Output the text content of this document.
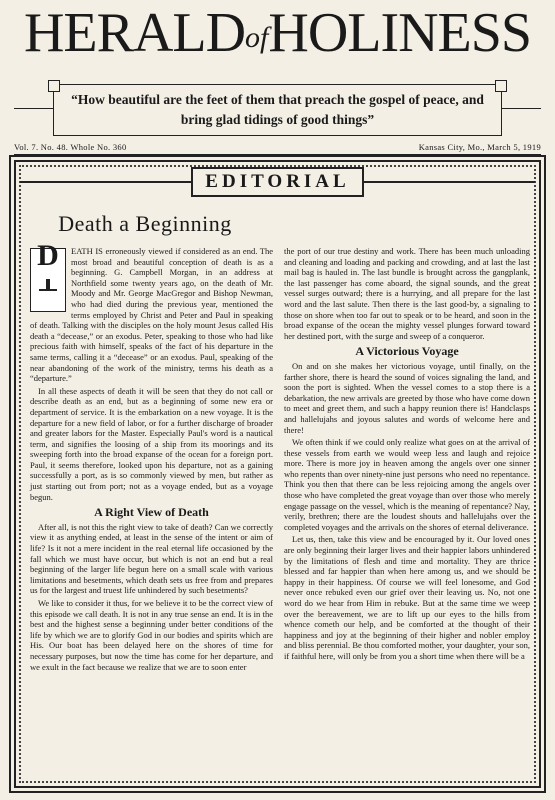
HERALDofHOLINESS
“How beautiful are the feet of them that preach the gospel of peace, and
bring glad tidings of good things”
Vol. 7. No. 48. Whole No. 360	Kansas City, Mo., March 5, 1919
EDITORIAL
Death a Beginning
D	EATH IS erroneously viewed if considered as an end. The most broad and beautiful conception of death is as a beginning. G. Campbell Morgan, in an address at Northfield some twenty years ago, on the death of Mr. Moody and Mr. George MacGregor and Bishop Newman, who had died during the previous year, mentioned the terms employed by Christ and Peter and Paul in speaking of death. Talking with the disciples on the holy mount Jesus called His death a “decease,” or an exodus. Peter, speaking to those who had like precious faith with himself, speaks of the fact of his departure in the same terms, calling it a “decease” or an exodus. Paul, speaking of the near abandoning of the work of the ministry, terms his death as a “departure.”

In all these aspects of death it will be seen that they do not call or describe death as an end, but as a beginning of some new era or department of service. It is the embarkation on a new voyage. It is the departure for a new field of labor, or for a further discharge of broader and greater labors for the Master. Especially Paul's word is a nautical term, and signifies the loosing of a ship from its moorings and its sweeping forth into the broad expanse of the ocean for a foreign port. Paul, it seems therefore, looked upon his departure, not as a gaining successfully a port, as is so commonly viewed by men, but rather as just starting out from port; not as a voyage ended, but as a voyage begun.

A Right View of Death

After all, is not this the right view to take of death? Can we correctly view it as anything ended, at least in the sense of the intent or aim of life? Is it not a mere incident in the real eternal life occasioned by the fall which we must have occur, but which is not an end but a real beginning of the larger life begun here on a small scale with various limitations and besetments, which death sets us free from and prepares us for the largest and truest life unhindered by such besetments?

We like to consider it thus, for we believe it to be the correct view of this episode we call death. It is not in any true sense an end. It is in the best and the highest sense a beginning under better conditions of the life by which we are to glorify God in our bodies and spirits which are His. Our boat has been delayed here on the shores of time for necessary purposes, but now the time has come for her departure, and we exult in the fact because we realize that we are to soon enter

the port of our true destiny and work. There has been much unloading and cleaning and loading and packing and crowding, and at last the last mail bag is hauled in. The last bundle is brought across the gangplank, the last passenger has come aboard, the signal sounds, and the great vessel surges outward; there is a hurrying, and all prepare for the last word and the last salute. Then there is the last good-by, a signaling to those on shore when too far out to speak or to be heard, and soon in the broad expanse of the ocean the mighty vessel plunges forward toward her destined port, with the surge and sweep of a conqueror.

A Victorious Voyage

On and on she makes her victorious voyage, until finally, on the farther shore, there is heard the sound of voices signaling the land, and soon the port is sighted. When the vessel comes to a stop there is a debarkation, the new arrivals are greeted by those who have come down to meet and greet them, and such a happy reunion there is! Handclasps and hallelujahs and joyous salutes and words of welcome here and there!

We often think if we could only realize what goes on at the arrival of these vessels from earth we would weep less and laugh and rejoice more. There is more joy in heaven among the angels over one sinner who repents than over ninety-nine just persons who need no repentance. Think you then that there can be less rejoicing among the angels over those who have completed the great voyage than over those who merely engage passage on the vessel, which is the meaning of repentance? Nay, verily, brethren; there are the loudest shouts and hallelujahs over the completed voyages and the arrivals on the shores of eternal deliverance.

Let us, then, take this view and be encouraged by it. Our loved ones are only beginning their larger lives and their happier labors unhindered by the limitations of flesh and time and mortality. They are thrice blessed and far happier than when here among us, and we should be happy in their happiness. Of course we will feel lonesome, and God never once rebuked even our grief over their leaving us. No, not one word do we hear from Him in rebuke. But at the same time we weep over the bereavement, we are to lift up our eyes to the hills from whence cometh our help, and be comforted at the thought of their happiness and joy at the beginning of their higher and nobler employ and bliss perennial. Be thou comforted mother, your daughter, your son, if faithful here, will only be from you a short time when there will be a
